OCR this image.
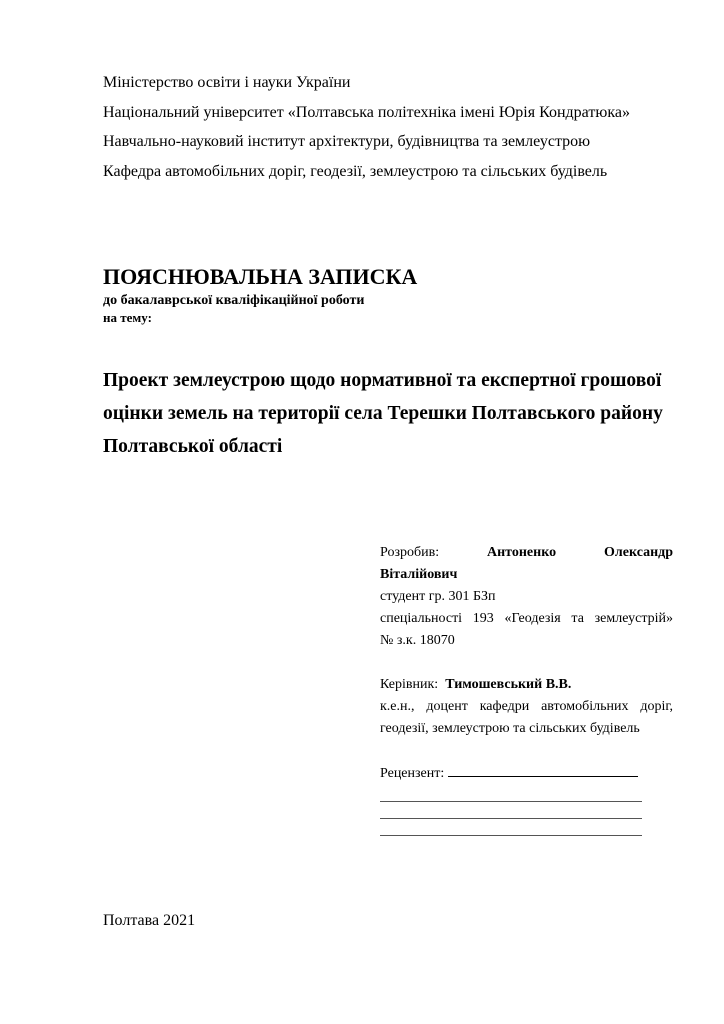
Міністерство освіти і науки України
Національний університет «Полтавська політехніка імені Юрія Кондратюка»
Навчально-науковий інститут архітектури, будівництва та землеустрою
Кафедра автомобільних доріг, геодезії, землеустрою та сільських будівель
ПОЯСНЮВАЛЬНА ЗАПИСКА
до бакалаврської кваліфікаційної роботи
на тему:
Проект землеустрою щодо нормативної та експертної грошової оцінки земель на території села Терешки Полтавського району Полтавської області
Розробив:	Антоненко	Олександр
Віталійович
студент гр. 301 БЗп
спеціальності 193 «Геодезія та землеустрій»
№ з.к. 18070
Керівник: Тимошевський В.В.
к.е.н., доцент кафедри автомобільних доріг, геодезії, землеустрою та сільських будівель
Рецензент:
Полтава 2021
